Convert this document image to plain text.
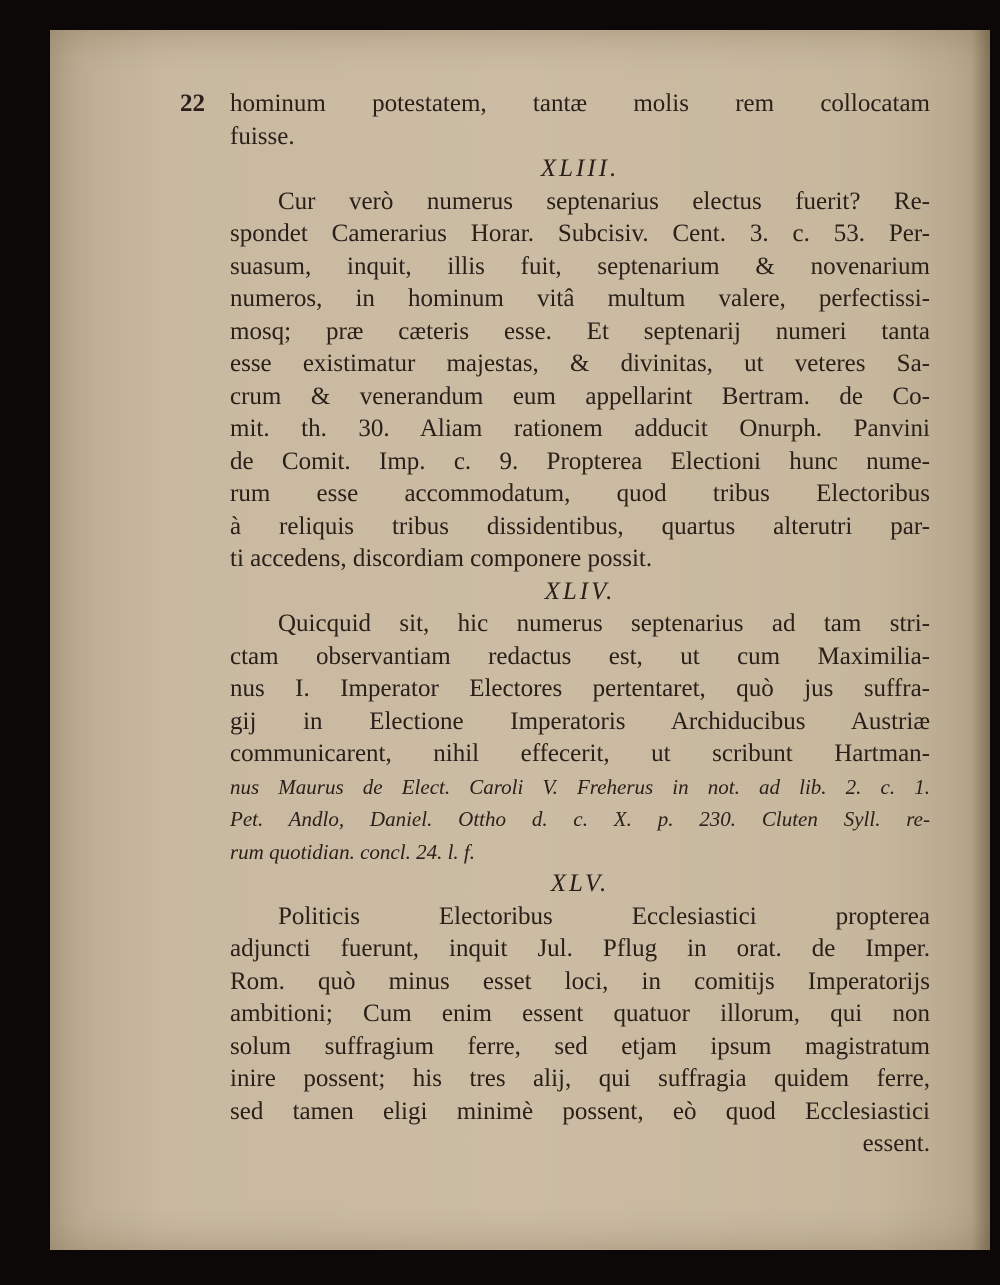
22 hominum potestatem, tantæ molis rem collocatam
fuisse.
XLIII.
Cur verò numerus septenarius electus fuerit? Re-
spondet Camerarius Horar. Subcisiv. Cent. 3. c. 53. Per-
suasum, inquit, illis fuit, septenarium & novenarium
numeros, in hominum vitâ multum valere, perfectissi-
mosq; præ cæteris esse. Et septenarij numeri tanta
esse existimatur majestas, & divinitas, ut veteres Sa-
crum & venerandum eum appellarint Bertram. de Co-
mit. th. 30. Aliam rationem adducit Onurph. Panvini
de Comit. Imp. c. 9. Propterea Electioni hunc nume-
rum esse accommodatum, quod tribus Electoribus
à reliquis tribus dissidentibus, quartus alterutri par-
ti accedens, discordiam componere possit.
XLIV.
Quicquid sit, hic numerus septenarius ad tam stri-
ctam observantiam redactus est, ut cum Maximilia-
nus I. Imperator Electores pertentaret, quò jus suffra-
gij in Electione Imperatoris Archiducibus Austriæ
communicarent, nihil effecerit, ut scribunt Hartman-
nus Maurus de Elect. Caroli V. Freherus in not. ad lib. 2. c. 1.
Pet. Andlo, Daniel. Ottho d. c. X. p. 230. Cluten Syll. re-
rum quotidian. concl. 24. l. f.
XLV.
Politicis Electoribus Ecclesiastici propterea
adjuncti fuerunt, inquit Jul. Pflug in orat. de Imper.
Rom. quò minus esset loci, in comitijs Imperatorijs
ambitioni; Cum enim essent quatuor illorum, qui non
solum suffragium ferre, sed etjam ipsum magistratum
inire possent; his tres alij, qui suffragia quidem ferre,
sed tamen eligi minimè possent, eò quod Ecclesiastici
essent.
